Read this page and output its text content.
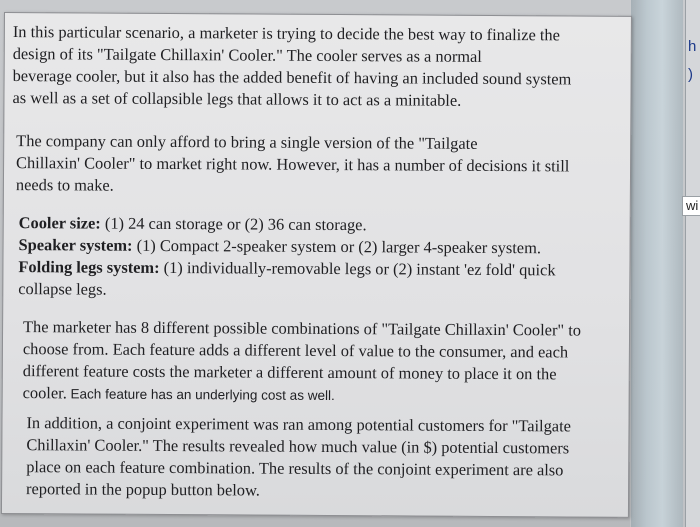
h
)
wi
In this particular scenario, a marketer is trying to decide the best way to finalize the
design of its "Tailgate Chillaxin' Cooler." The cooler serves as a normal
beverage cooler, but it also has the added benefit of having an included sound system
as well as a set of collapsible legs that allows it to act as a minitable.
The company can only afford to bring a single version of the "Tailgate
Chillaxin' Cooler" to market right now. However, it has a number of decisions it still
needs to make.
Cooler size: (1) 24 can storage or (2) 36 can storage.
Speaker system: (1) Compact 2-speaker system or (2) larger 4-speaker system.
Folding legs system: (1) individually-removable legs or (2) instant 'ez fold' quick
collapse legs.
The marketer has 8 different possible combinations of "Tailgate Chillaxin' Cooler" to
choose from. Each feature adds a different level of value to the consumer, and each
different feature costs the marketer a different amount of money to place it on the
cooler. Each feature has an underlying cost as well.
In addition, a conjoint experiment was ran among potential customers for "Tailgate
Chillaxin' Cooler." The results revealed how much value (in $) potential customers
place on each feature combination. The results of the conjoint experiment are also
reported in the popup button below.
